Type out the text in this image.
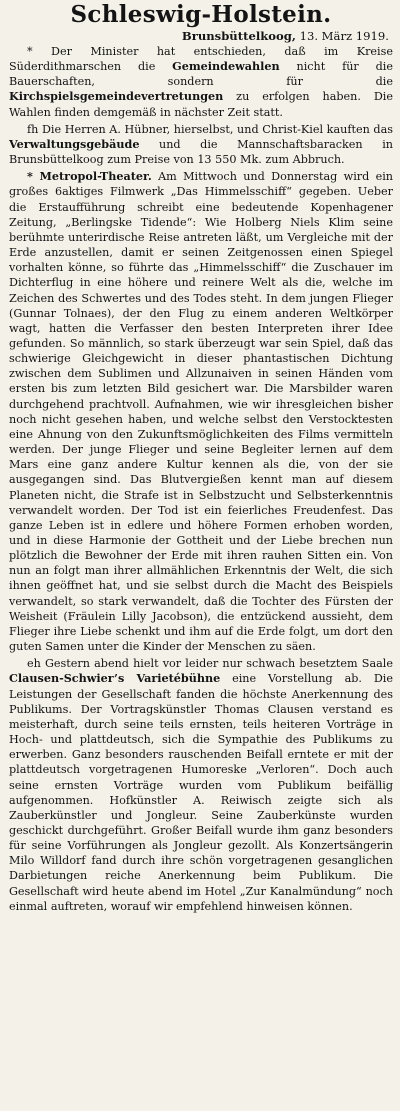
Schleswig-Holstein.
Brunsbüttelkoog, 13. März 1919.

* Der Minister hat entschieden, daß im Kreise Süderdithmarschen die Gemeindewahlen nicht für die Bauerschaften, sondern für die Kirchspielsgemeindevertretungen zu erfolgen haben. Die Wahlen finden demgemäß in nächster Zeit statt.

fh Die Herren A. Hübner, hierselbst, und Christ-Kiel kauften das Verwaltungsgebäude und die Mannschaftsbaracken in Brunsbüttelkoog zum Preise von 13 550 Mk. zum Abbruch.

* Metropol-Theater. Am Mittwoch und Donnerstag wird ein großes 6aktiges Filmwerk „Das Himmelsschiff“ gegeben. Ueber die Erstaufführung schreibt eine bedeutende Kopenhagener Zeitung, „Berlingske Tidende“: Wie Holberg Niels Klim seine berühmte unterirdische Reise antreten läßt, um Vergleiche mit der Erde anzustellen, damit er seinen Zeitgenossen einen Spiegel vorhalten könne, so führte das „Himmelsschiff“ die Zuschauer im Dichterflug in eine höhere und reinere Welt als die, welche im Zeichen des Schwertes und des Todes steht. In dem jungen Flieger (Gunnar Tolnaes), der den Flug zu einem anderen Weltkörper wagt, hatten die Verfasser den besten Interpreten ihrer Idee gefunden. So männlich, so stark überzeugt war sein Spiel, daß das schwierige Gleichgewicht in dieser phantastischen Dichtung zwischen dem Sublimen und Allzunaiven in seinen Händen vom ersten bis zum letzten Bild gesichert war. Die Marsbilder waren durchgehend prachtvoll. Aufnahmen, wie wir ihresgleichen bisher noch nicht gesehen haben, und welche selbst den Verstocktesten eine Ahnung von den Zukunftsmöglichkeiten des Films vermitteln werden. Der junge Flieger und seine Begleiter lernen auf dem Mars eine ganz andere Kultur kennen als die, von der sie ausgegangen sind. Das Blutvergießen kennt man auf diesem Planeten nicht, die Strafe ist in Selbstzucht und Selbsterkenntnis verwandelt worden. Der Tod ist ein feierliches Freudenfest. Das ganze Leben ist in edlere und höhere Formen erhoben worden, und in diese Harmonie der Gottheit und der Liebe brechen nun plötzlich die Bewohner der Erde mit ihren rauhen Sitten ein. Von nun an folgt man ihrer allmählichen Erkenntnis der Welt, die sich ihnen geöffnet hat, und sie selbst durch die Macht des Beispiels verwandelt, so stark verwandelt, daß die Tochter des Fürsten der Weisheit (Fräulein Lilly Jacobson), die entzückend aussieht, dem Flieger ihre Liebe schenkt und ihm auf die Erde folgt, um dort den guten Samen unter die Kinder der Menschen zu säen.

eh Gestern abend hielt vor leider nur schwach besetztem Saale Clausen-Schwier’s Varietébühne eine Vorstellung ab. Die Leistungen der Gesellschaft fanden die höchste Anerkennung des Publikums. Der Vortragskünstler Thomas Clausen verstand es meisterhaft, durch seine teils ernsten, teils heiteren Vorträge in Hoch- und plattdeutsch, sich die Sympathie des Publikums zu erwerben. Ganz besonders rauschenden Beifall erntete er mit der plattdeutsch vorgetragenen Humoreske „Verloren“. Doch auch seine ernsten Vorträge wurden vom Publikum beifällig aufgenommen. Hofkünstler A. Reiwisch zeigte sich als Zauberkünstler und Jongleur. Seine Zauberkünste wurden geschickt durchgeführt. Großer Beifall wurde ihm ganz besonders für seine Vorführungen als Jongleur gezollt. Als Konzertsängerin Milo Willdorf fand durch ihre schön vorgetragenen gesanglichen Darbietungen reiche Anerkennung beim Publikum. Die Gesellschaft wird heute abend im Hotel „Zur Kanalmündung“ noch einmal auftreten, worauf wir empfehlend hinweisen können.
